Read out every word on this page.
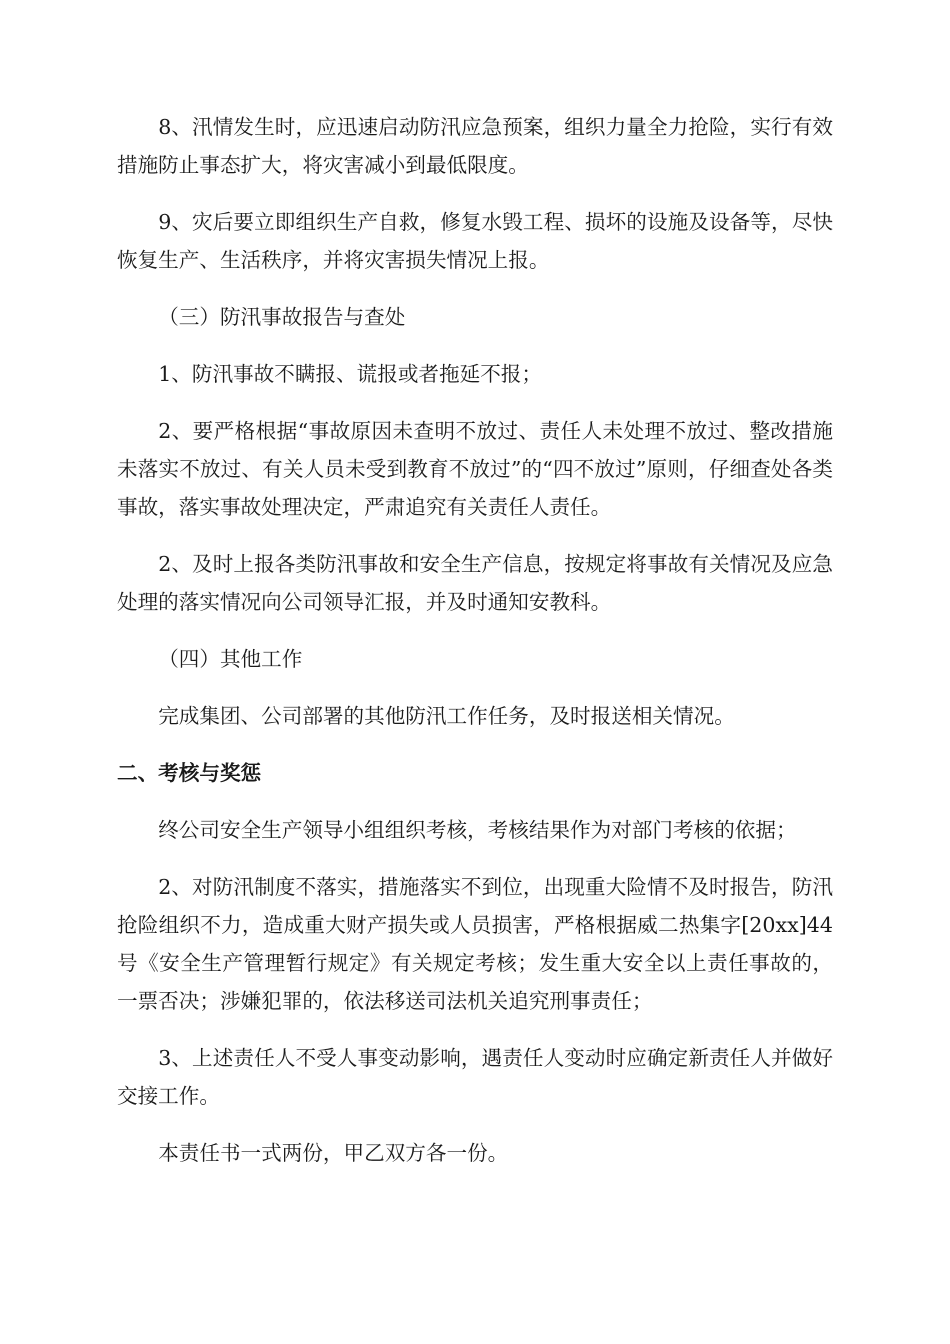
8、汛情发生时，应迅速启动防汛应急预案，组织力量全力抢险，实行有效措施防止事态扩大，将灾害减小到最低限度。

9、灾后要立即组织生产自救，修复水毁工程、损坏的设施及设备等，尽快恢复生产、生活秩序，并将灾害损失情况上报。

（三）防汛事故报告与查处

1、防汛事故不瞒报、谎报或者拖延不报；

2、要严格根据“事故原因未查明不放过、责任人未处理不放过、整改措施未落实不放过、有关人员未受到教育不放过”的“四不放过”原则，仔细查处各类事故，落实事故处理决定，严肃追究有关责任人责任。

2、及时上报各类防汛事故和安全生产信息，按规定将事故有关情况及应急处理的落实情况向公司领导汇报，并及时通知安教科。

（四）其他工作

完成集团、公司部署的其他防汛工作任务，及时报送相关情况。

二、考核与奖惩

终公司安全生产领导小组组织考核，考核结果作为对部门考核的依据；

2、对防汛制度不落实，措施落实不到位，出现重大险情不及时报告，防汛抢险组织不力，造成重大财产损失或人员损害，严格根据威二热集字[20xx]44号《安全生产管理暂行规定》有关规定考核；发生重大安全以上责任事故的，一票否决；涉嫌犯罪的，依法移送司法机关追究刑事责任；

3、上述责任人不受人事变动影响，遇责任人变动时应确定新责任人并做好交接工作。

本责任书一式两份，甲乙双方各一份。
